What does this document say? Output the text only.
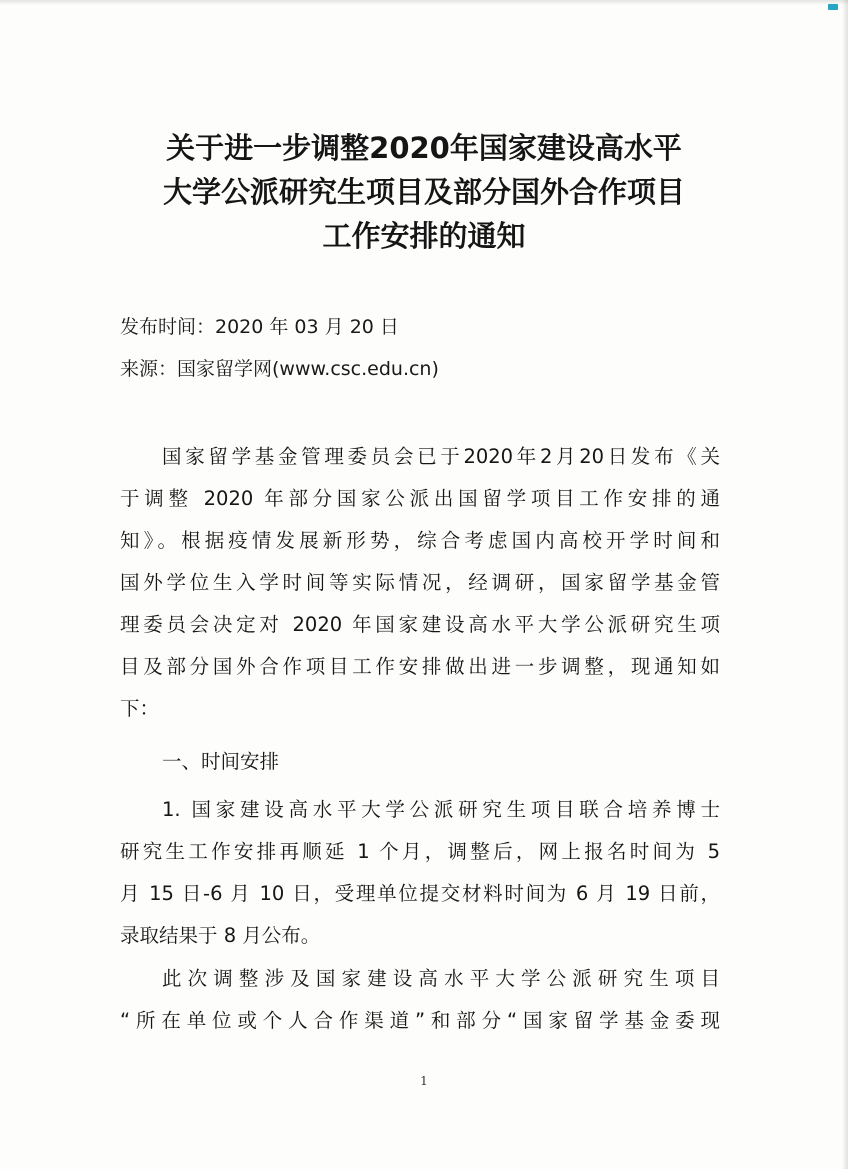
关于进一步调整2020年国家建设高水平
大学公派研究生项目及部分国外合作项目
工作安排的通知

发布时间：2020 年 03 月 20 日

来源：国家留学网(www.csc.edu.cn)

国家留学基金管理委员会已于2020年2月20日发布《关
于调整 2020 年部分国家公派出国留学项目工作安排的通
知》。根据疫情发展新形势，综合考虑国内高校开学时间和
国外学位生入学时间等实际情况，经调研，国家留学基金管
理委员会决定对 2020 年国家建设高水平大学公派研究生项
目及部分国外合作项目工作安排做出进一步调整，现通知如
下：
一、时间安排
1. 国家建设高水平大学公派研究生项目联合培养博士
研究生工作安排再顺延 1 个月，调整后，网上报名时间为 5
月 15 日-6 月 10 日，受理单位提交材料时间为 6 月 19 日前，
录取结果于 8 月公布。
此次调整涉及国家建设高水平大学公派研究生项目
“所在单位或个人合作渠道”和部分“国家留学基金委现
1
